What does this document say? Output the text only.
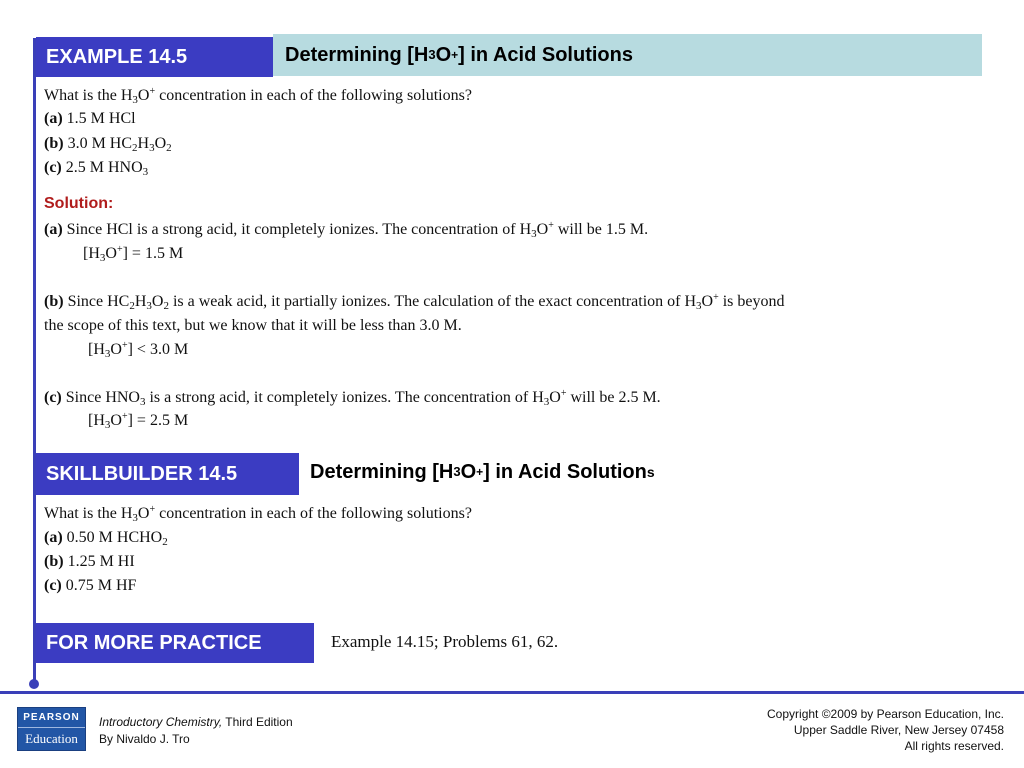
EXAMPLE 14.5	Determining [H 3 O + ] in Acid Solutions
What is the $H_3O^+$ concentration in each of the following solutions?
(a) 1.5 M HCl
(b) 3.0 M $HC_2H_3O_2$
(c) 2.5 M $HNO_3$
Solution:
(a) Since HCl is a strong acid, it completely ionizes. The concentration of $H_3O^+$ will be 1.5 M.
$[H_3O^+] = 1.5$ M
(b) Since $HC_2H_3O_2$ is a weak acid, it partially ionizes. The calculation of the exact concentration of $H_3O^+$ is beyond
the scope of this text, but we know that it will be less than 3.0 M.
$[H_3O^+] < 3.0$ M
(c) Since $HNO_3$ is a strong acid, it completely ionizes. The concentration of $H_3O^+$ will be 2.5 M.
$[H_3O^+] = 2.5$ M
SKILLBUILDER 14.5	Determining [H 3 O + ] in Acid Solution s
What is the $H_3O^+$ concentration in each of the following solutions?
(a) 0.50 M $HCHO_2$
(b) 1.25 M HI
(c) 0.75 M HF
FOR MORE PRACTICE	Example 14.15; Problems 61, 62.
PEARSON
Education
Introductory Chemistry, Third Edition
By Nivaldo J. Tro
Copyright ©2009 by Pearson Education, Inc.
Upper Saddle River, New Jersey 07458
All rights reserved.
